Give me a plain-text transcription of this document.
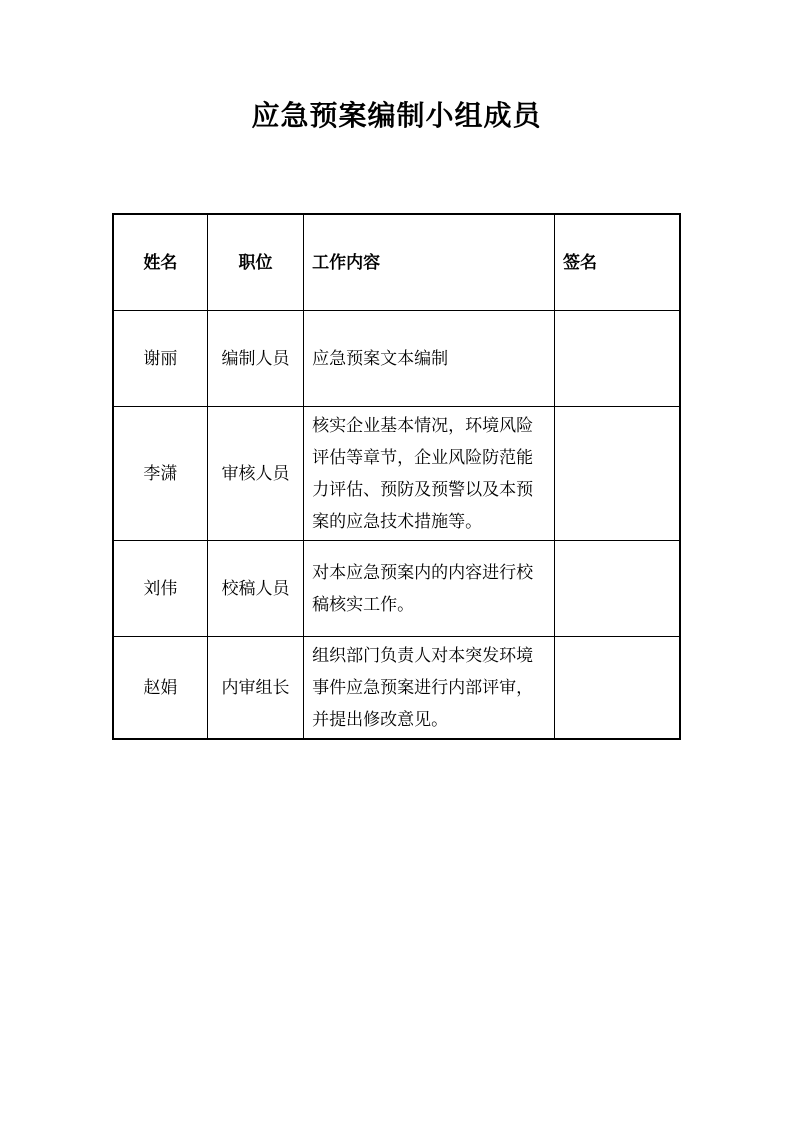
应急预案编制小组成员
姓名	职位	工作内容	签名
谢丽	编制人员	应急预案文本编制	
李潇	审核人员	核实企业基本情况，环境风险评估等章节，企业风险防范能力评估、预防及预警以及本预案的应急技术措施等。	
刘伟	校稿人员	对本应急预案内的内容进行校稿核实工作。	
赵娟	内审组长	组织部门负责人对本突发环境事件应急预案进行内部评审，并提出修改意见。	
